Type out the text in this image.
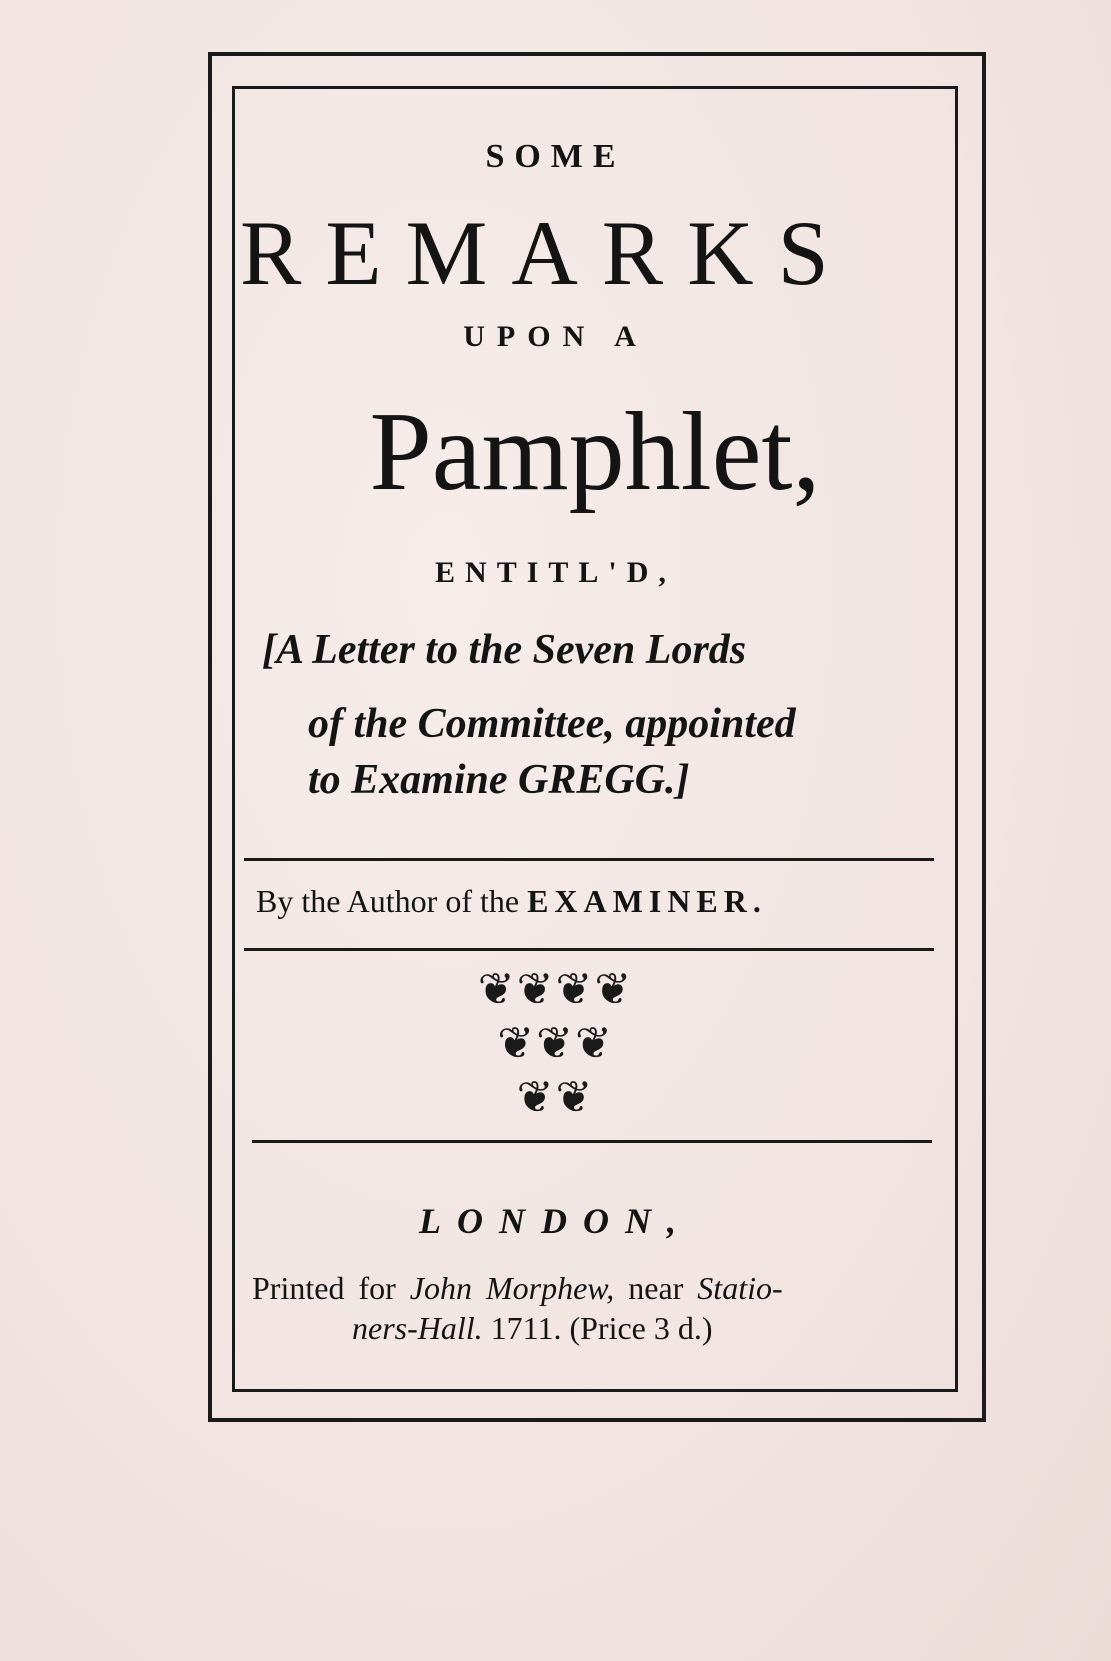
SOME
REMARKS
UPON A
Pamphlet,
ENTITL'D,
[A Letter to the Seven Lords
of the Committee, appointed
to Examine GREGG.]
By the Author of the EXAMINER.
❦❦❦❦
❦❦❦
❦❦
LONDON,
Printed for John Morphew, near Statio-
ners-Hall. 1711. (Price 3 d.)
